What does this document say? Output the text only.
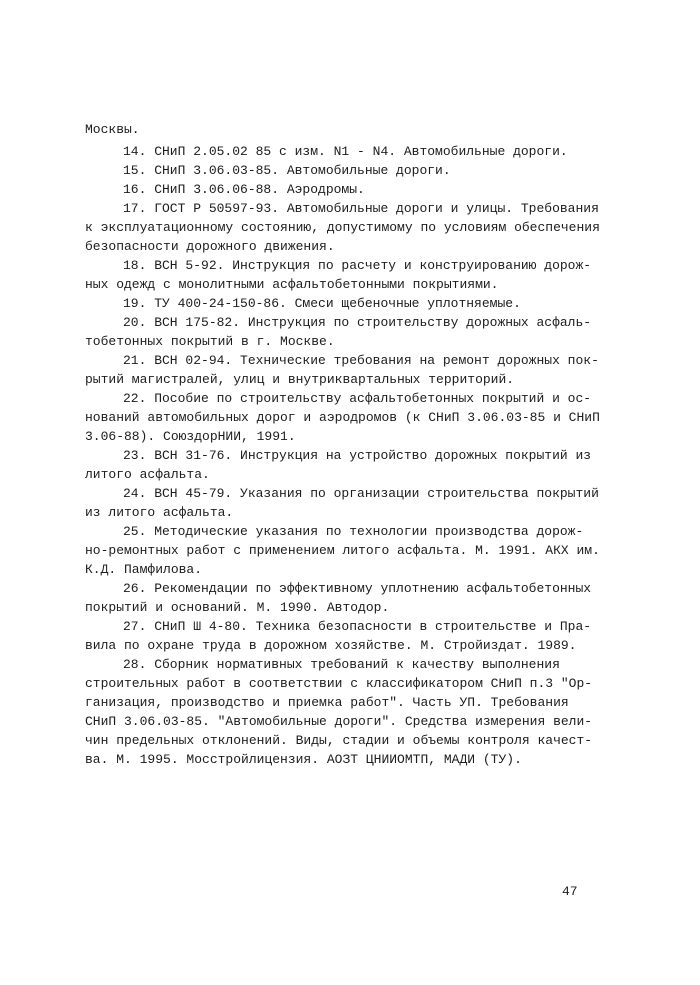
Москвы.
14. СНиП 2.05.02 85 с изм. N1 - N4. Автомобильные дороги.
15. СНиП 3.06.03-85. Автомобильные дороги.
16. СНиП 3.06.06-88. Аэродромы.
17. ГОСТ Р 50597-93. Автомобильные дороги и улицы. Требования
к эксплуатационному состоянию, допустимому по условиям обеспечения
безопасности дорожного движения.
18. ВСН 5-92. Инструкция по расчету и конструированию дорож-
ных одежд с монолитными асфальтобетонными покрытиями.
19. ТУ 400-24-150-86. Смеси щебеночные уплотняемые.
20. ВСН 175-82. Инструкция по строительству дорожных асфаль-
тобетонных покрытий в г. Москве.
21. ВСН 02-94. Технические требования на ремонт дорожных пок-
рытий магистралей, улиц и внутриквартальных территорий.
22. Пособие по строительству асфальтобетонных покрытий и ос-
нований автомобильных дорог и аэродромов (к СНиП 3.06.03-85 и СНиП
3.06-88). СоюздорНИИ, 1991.
23. ВСН 31-76. Инструкция на устройство дорожных покрытий из
литого асфальта.
24. ВСН 45-79. Указания по организации строительства покрытий
из литого асфальта.
25. Методические указания по технологии производства дорож-
но-ремонтных работ с применением литого асфальта. М. 1991. АКХ им.
К.Д. Памфилова.
26. Рекомендации по эффективному уплотнению асфальтобетонных
покрытий и оснований. М. 1990. Автодор.
27. СНиП Ш 4-80. Техника безопасности в строительстве и Пра-
вила по охране труда в дорожном хозяйстве. М. Стройиздат. 1989.
28. Сборник нормативных требований к качеству выполнения
строительных работ в соответствии с классификатором СНиП п.3 "Ор-
ганизация, производство и приемка работ". Часть УП. Требования
СНиП 3.06.03-85. "Автомобильные дороги". Средства измерения вели-
чин предельных отклонений. Виды, стадии и объемы контроля качест-
ва. М. 1995. Мосстройлицензия. АОЗТ ЦНИИОМТП, МАДИ (ТУ).
47
